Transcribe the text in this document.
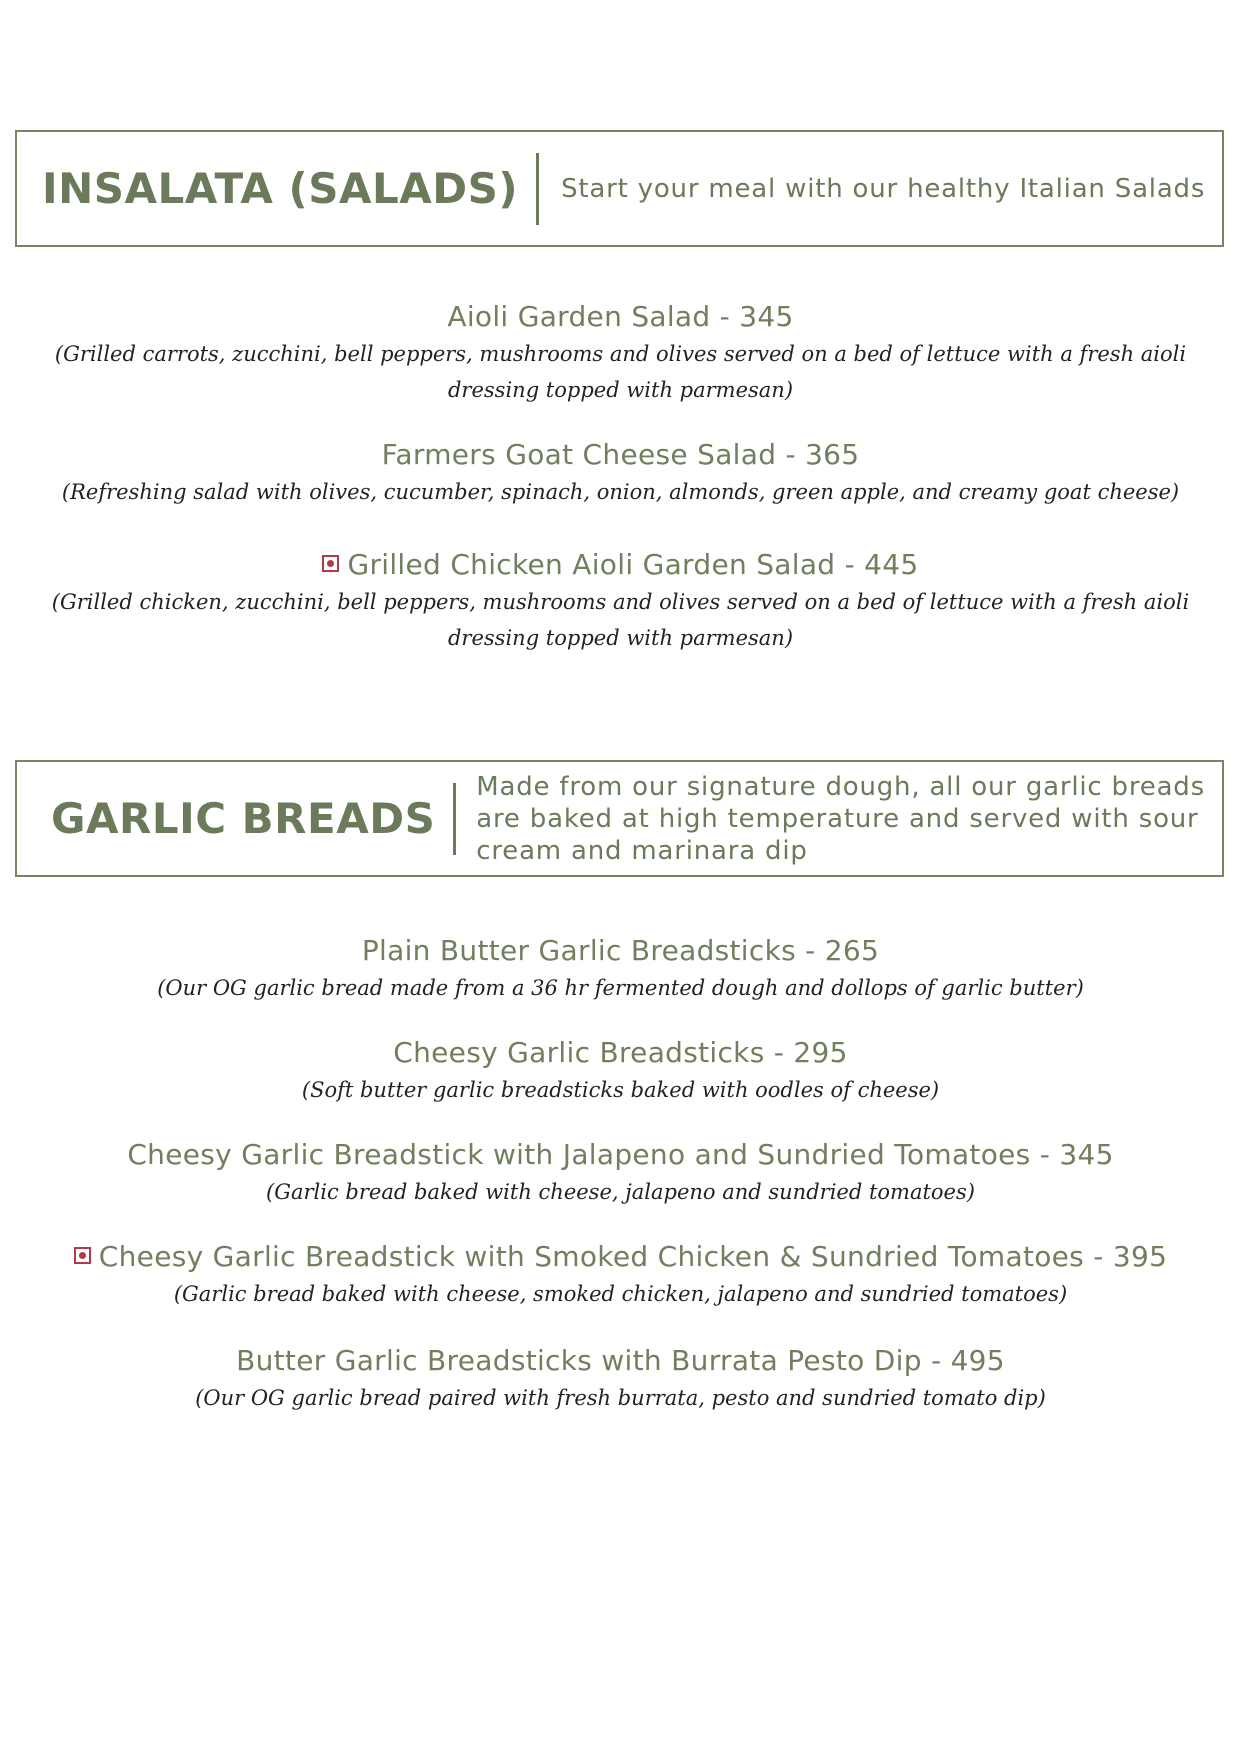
INSALATA (SALADS) Start your meal with our healthy Italian Salads
Aioli Garden Salad - 345
(Grilled carrots, zucchini, bell peppers, mushrooms and olives served on a bed of lettuce with a fresh aioli dressing topped with parmesan)
Farmers Goat Cheese Salad - 365
(Refreshing salad with olives, cucumber, spinach, onion, almonds, green apple, and creamy goat cheese)
Grilled Chicken Aioli Garden Salad - 445
(Grilled chicken, zucchini, bell peppers, mushrooms and olives served on a bed of lettuce with a fresh aioli dressing topped with parmesan)
GARLIC BREADS
Made from our signature dough, all our garlic breads are baked at high temperature and served with sour cream and marinara dip
Plain Butter Garlic Breadsticks - 265
(Our OG garlic bread made from a 36 hr fermented dough and dollops of garlic butter)
Cheesy Garlic Breadsticks - 295
(Soft butter garlic breadsticks baked with oodles of cheese)
Cheesy Garlic Breadstick with Jalapeno and Sundried Tomatoes - 345
(Garlic bread baked with cheese, jalapeno and sundried tomatoes)
Cheesy Garlic Breadstick with Smoked Chicken & Sundried Tomatoes - 395
(Garlic bread baked with cheese, smoked chicken, jalapeno and sundried tomatoes)
Butter Garlic Breadsticks with Burrata Pesto Dip - 495
(Our OG garlic bread paired with fresh burrata, pesto and sundried tomato dip)
